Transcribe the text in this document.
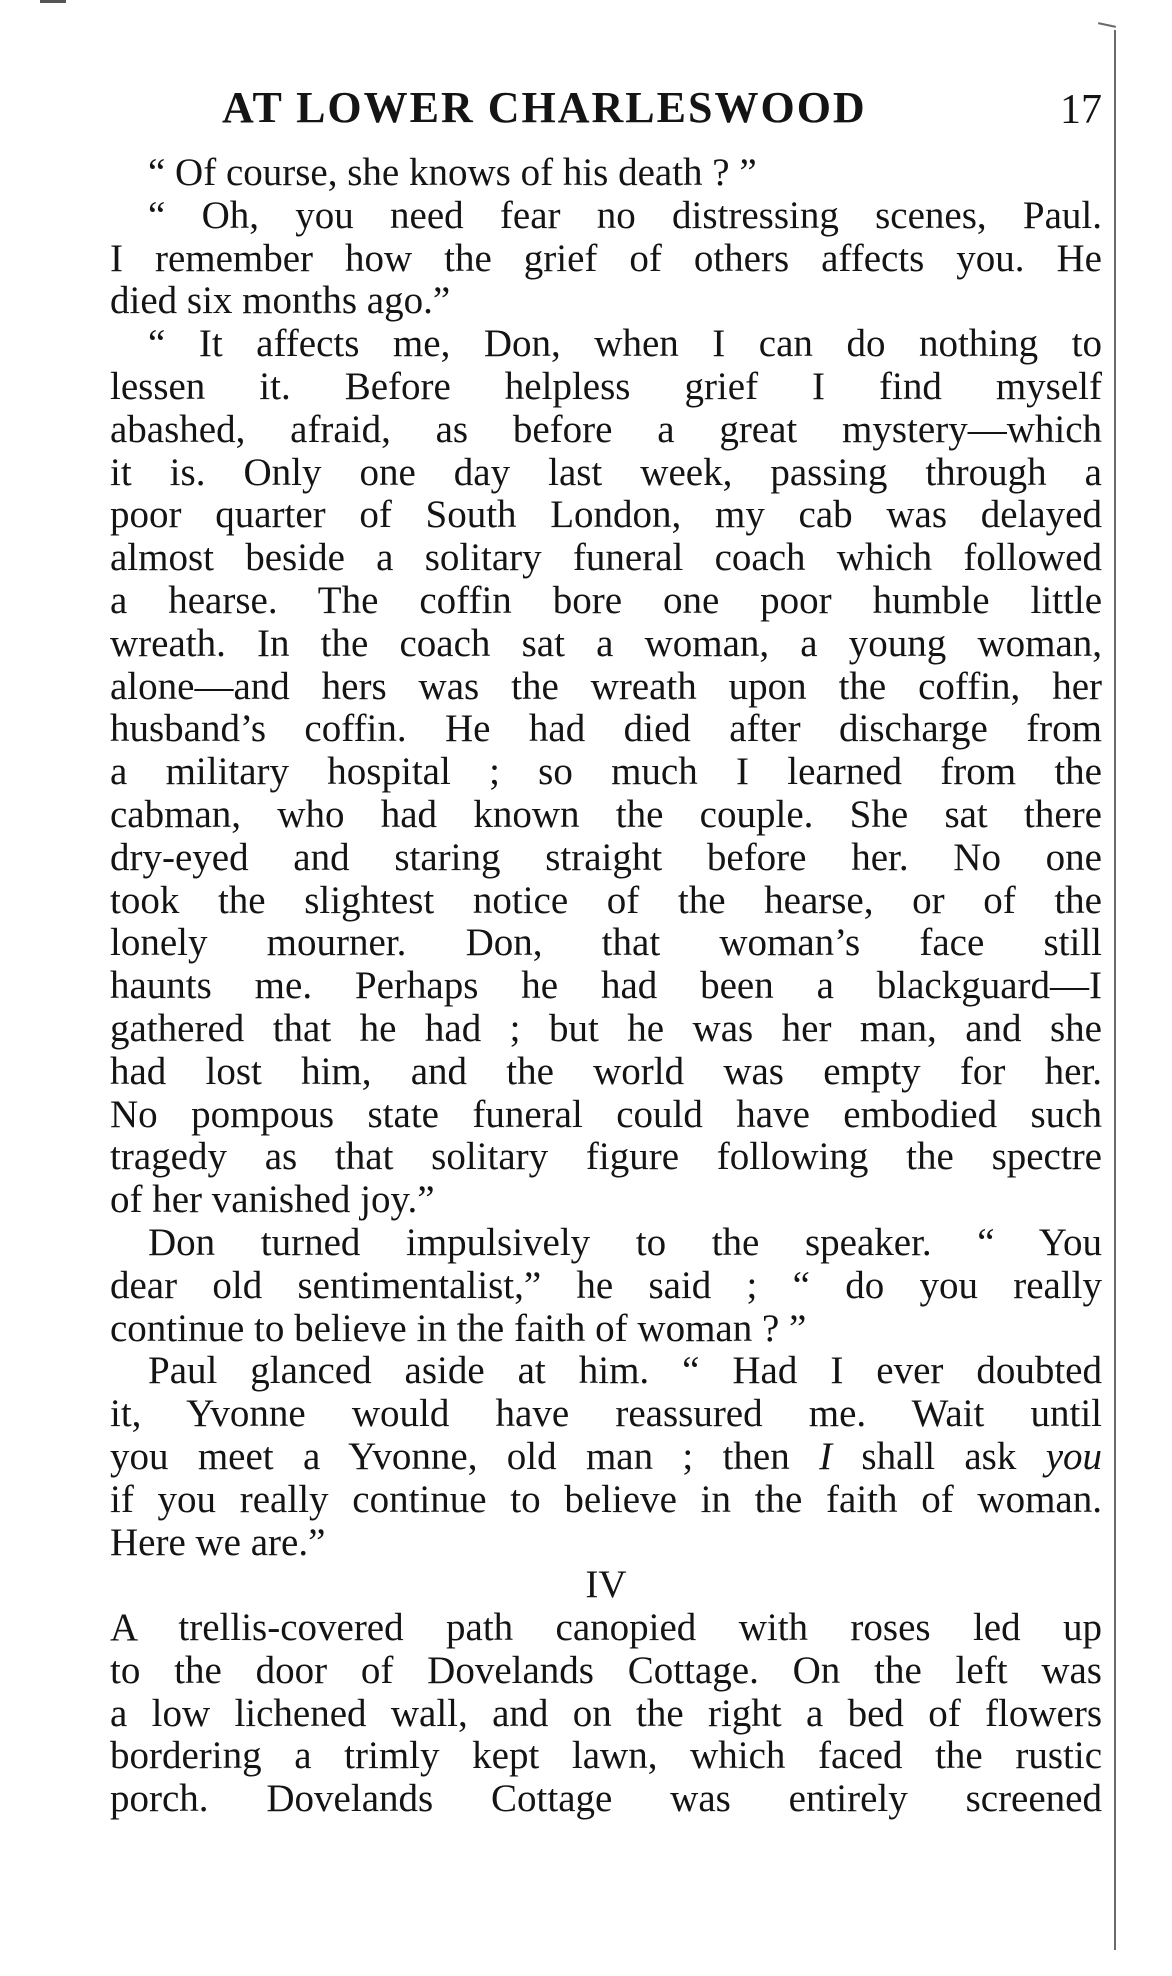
AT LOWER CHARLESWOOD	17
“ Of course, she knows of his death ? ”
“ Oh, you need fear no distressing scenes, Paul.
I remember how the grief of others affects you. He
died six months ago.”
“ It affects me, Don, when I can do nothing to
lessen it. Before helpless grief I find myself
abashed, afraid, as before a great mystery—which
it is. Only one day last week, passing through a
poor quarter of South London, my cab was delayed
almost beside a solitary funeral coach which followed
a hearse. The coffin bore one poor humble little
wreath. In the coach sat a woman, a young woman,
alone—and hers was the wreath upon the coffin, her
husband’s coffin. He had died after discharge from
a military hospital ; so much I learned from the
cabman, who had known the couple. She sat there
dry-eyed and staring straight before her. No one
took the slightest notice of the hearse, or of the
lonely mourner. Don, that woman’s face still
haunts me. Perhaps he had been a blackguard—I
gathered that he had ; but he was her man, and she
had lost him, and the world was empty for her.
No pompous state funeral could have embodied such
tragedy as that solitary figure following the spectre
of her vanished joy.”
Don turned impulsively to the speaker. “ You
dear old sentimentalist,” he said ; “ do you really
continue to believe in the faith of woman ? ”
Paul glanced aside at him. “ Had I ever doubted
it, Yvonne would have reassured me. Wait until
you meet a Yvonne, old man ; then I shall ask you
if you really continue to believe in the faith of woman.
Here we are.”
IV
A trellis-covered path canopied with roses led up
to the door of Dovelands Cottage. On the left was
a low lichened wall, and on the right a bed of flowers
bordering a trimly kept lawn, which faced the rustic
porch. Dovelands Cottage was entirely screened
